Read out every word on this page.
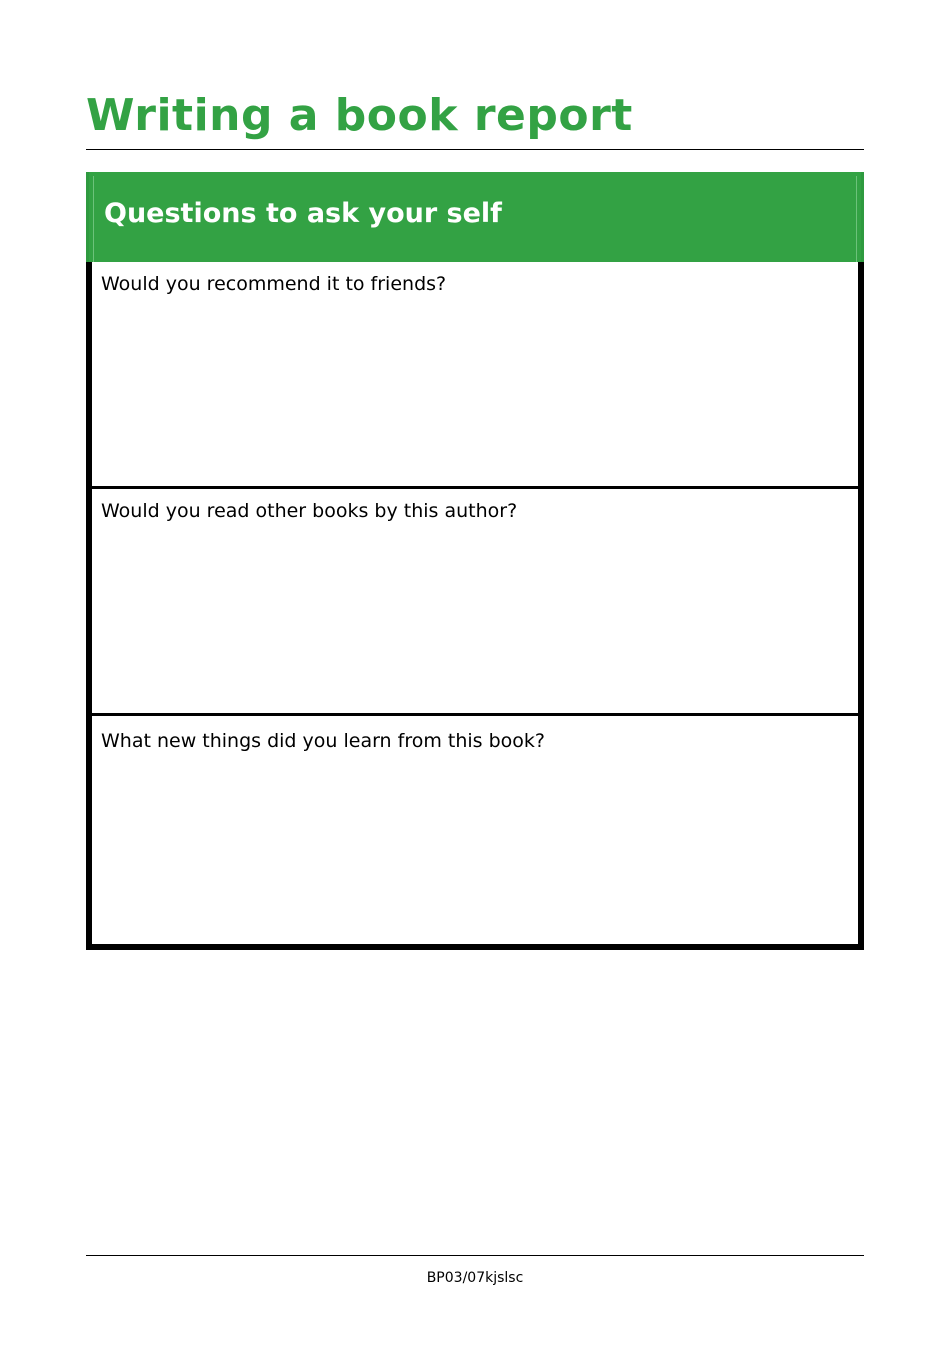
Writing a book report
Questions to ask your self

Would you recommend it to friends?

Would you read other books by this author?

What new things did you learn from this book?

BP03/07kjslsc
